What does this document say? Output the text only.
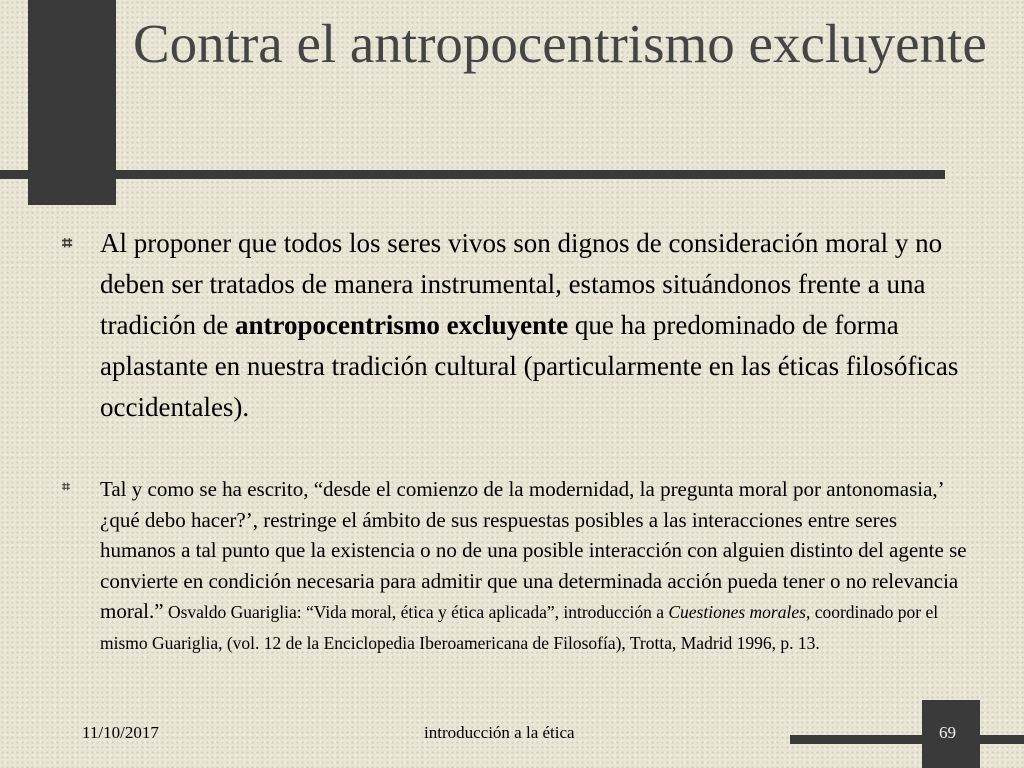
Contra el antropocentrismo excluyente
⌗ Al proponer que todos los seres vivos son dignos de consideración moral y no deben ser tratados de manera instrumental, estamos situándonos frente a una tradición de antropocentrismo excluyente que ha predominado de forma aplastante en nuestra tradición cultural (particularmente en las éticas filosóficas occidentales).

⌗ Tal y como se ha escrito, “desde el comienzo de la modernidad, la pregunta moral por antonomasia,’ ¿qué debo hacer?’, restringe el ámbito de sus respuestas posibles a las interacciones entre seres humanos a tal punto que la existencia o no de una posible interacción con alguien distinto del agente se convierte en condición necesaria para admitir que una determinada acción pueda tener o no relevancia moral.” Osvaldo Guariglia: “Vida moral, ética y ética aplicada”, introducción a Cuestiones morales, coordinado por el mismo Guariglia, (vol. 12 de la Enciclopedia Iberoamericana de Filosofía), Trotta, Madrid 1996, p. 13.

11/10/2017	introducción a la ética	69
